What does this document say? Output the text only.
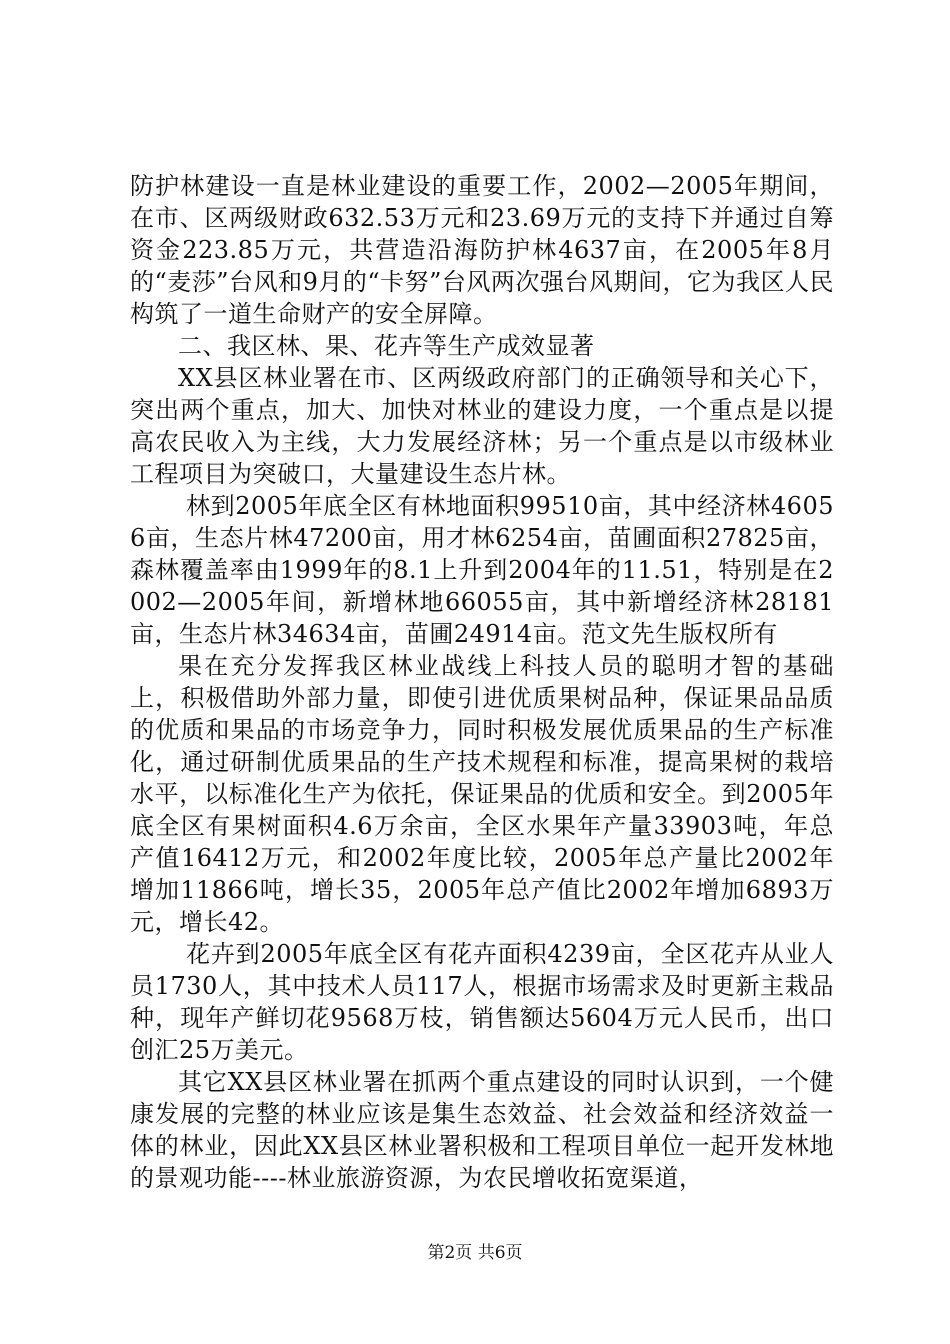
防护林建设一直是林业建设的重要工作，2002—2005年期间，在市、区两级财政632.53万元和23.69万元的支持下并通过自筹资金223.85万元，共营造沿海防护林4637亩，在2005年8月的“麦莎”台风和9月的“卡努”台风两次强台风期间，它为我区人民构筑了一道生命财产的安全屏障。

二、我区林、果、花卉等生产成效显著

XX县区林业署在市、区两级政府部门的正确领导和关心下，突出两个重点，加大、加快对林业的建设力度，一个重点是以提高农民收入为主线，大力发展经济林；另一个重点是以市级林业工程项目为突破口，大量建设生态片林。

林到2005年底全区有林地面积99510亩，其中经济林46056亩，生态片林47200亩，用才林6254亩，苗圃面积27825亩，森林覆盖率由1999年的8.1上升到2004年的11.51，特别是在2002—2005年间，新增林地66055亩，其中新增经济林28181亩，生态片林34634亩，苗圃24914亩。范文先生版权所有

果在充分发挥我区林业战线上科技人员的聪明才智的基础上，积极借助外部力量，即使引进优质果树品种，保证果品品质的优质和果品的市场竞争力，同时积极发展优质果品的生产标准化，通过研制优质果品的生产技术规程和标准，提高果树的栽培水平，以标准化生产为依托，保证果品的优质和安全。到2005年底全区有果树面积4.6万余亩，全区水果年产量33903吨，年总产值16412万元，和2002年度比较，2005年总产量比2002年增加11866吨，增长35，2005年总产值比2002年增加6893万元，增长42。

花卉到2005年底全区有花卉面积4239亩，全区花卉从业人员1730人，其中技术人员117人，根据市场需求及时更新主栽品种，现年产鲜切花9568万枝，销售额达5604万元人民币，出口创汇25万美元。

其它XX县区林业署在抓两个重点建设的同时认识到，一个健康发展的完整的林业应该是集生态效益、社会效益和经济效益一体的林业，因此XX县区林业署积极和工程项目单位一起开发林地的景观功能----林业旅游资源，为农民增收拓宽渠道，

第2页 共6页
